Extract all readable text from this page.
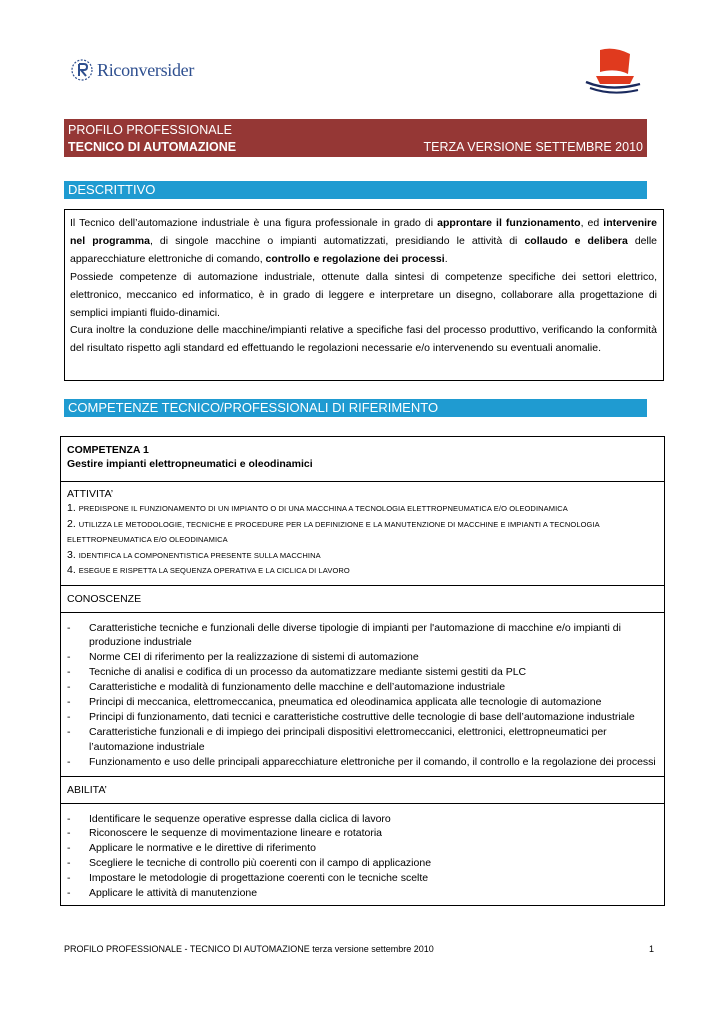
Riconversider
PROFILO PROFESSIONALE
TECNICO DI AUTOMAZIONE	TERZA VERSIONE SETTEMBRE 2010
DESCRITTIVO

Il Tecnico dell’automazione industriale è una figura professionale in grado di approntare il funzionamento, ed intervenire nel programma, di singole macchine o impianti automatizzati, presidiando le attività di collaudo e delibera delle apparecchiature elettroniche di comando, controllo e regolazione dei processi.

Possiede competenze di automazione industriale, ottenute dalla sintesi di competenze specifiche dei settori elettrico, elettronico, meccanico ed informatico, è in grado di leggere e interpretare un disegno, collaborare alla progettazione di semplici impianti fluido-dinamici.

Cura inoltre la conduzione delle macchine/impianti relative a specifiche fasi del processo produttivo, verificando la conformità del risultato rispetto agli standard ed effettuando le regolazioni necessarie e/o intervenendo su eventuali anomalie.

COMPETENZE TECNICO/PROFESSIONALI DI RIFERIMENTO
COMPETENZA 1
Gestire impianti elettropneumatici e oleodinamici

ATTIVITA’
1. PREDISPONE IL FUNZIONAMENTO DI UN IMPIANTO O DI UNA MACCHINA A TECNOLOGIA ELETTROPNEUMATICA E/O OLEODINAMICA
2. UTILIZZA LE METODOLOGIE, TECNICHE E PROCEDURE PER LA DEFINIZIONE E LA MANUTENZIONE DI MACCHINE E IMPIANTI A TECNOLOGIA ELETTROPNEUMATICA E/O OLEODINAMICA
3. IDENTIFICA LA COMPONENTISTICA PRESENTE SULLA MACCHINA
4. ESEGUE E RISPETTA LA SEQUENZA OPERATIVA E LA CICLICA DI LAVORO

CONOSCENZE

- Caratteristiche tecniche e funzionali delle diverse tipologie di impianti per l'automazione di macchine e/o impianti di produzione industriale
- Norme CEI di riferimento per la realizzazione di sistemi di automazione
- Tecniche di analisi e codifica di un processo da automatizzare mediante sistemi gestiti da PLC
- Caratteristiche e modalità di funzionamento delle macchine e dell’automazione industriale
- Principi di meccanica, elettromeccanica, pneumatica ed oleodinamica applicata alle tecnologie di automazione
- Principi di funzionamento, dati tecnici e caratteristiche costruttive delle tecnologie di base dell’automazione industriale
- Caratteristiche funzionali e di impiego dei principali dispositivi elettromeccanici, elettronici, elettropneumatici per l’automazione industriale
- Funzionamento e uso delle principali apparecchiature elettroniche per il comando, il controllo e la regolazione dei processi

ABILITA’

- Identificare le sequenze operative espresse dalla ciclica di lavoro
- Riconoscere le sequenze di movimentazione lineare e rotatoria
- Applicare le normative e le direttive di riferimento
- Scegliere le tecniche di controllo più coerenti con il campo di applicazione
- Impostare le metodologie di progettazione coerenti con le tecniche scelte
- Applicare le attività di manutenzione
PROFILO PROFESSIONALE - TECNICO DI AUTOMAZIONE terza versione settembre 2010	1
